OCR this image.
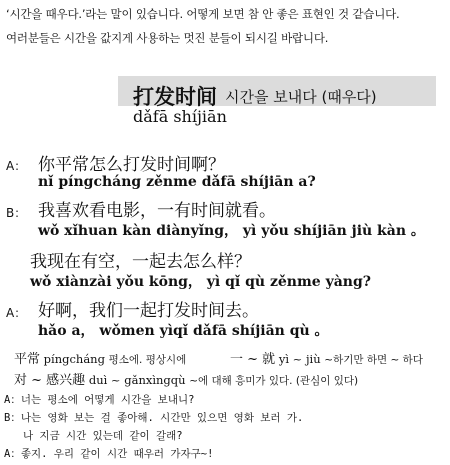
‘시간을 때우다.’라는 말이 있습니다. 어떻게 보면 참 안 좋은 표현인 것 같습니다.
여러분들은 시간을 값지게 사용하는 멋진 분들이 되시길 바랍니다.
打发时间 시간을 보내다 (때우다)
dǎfā shíjiān
A： 你平常怎么打发时间啊？
nǐ píngcháng zěnme dǎfā shíjiān a?
B： 我喜欢看电影，一有时间就看。
wǒ xǐhuan kàn diànyǐng， yì yǒu shíjiān jiù kàn 。
我现在有空，一起去怎么样？
wǒ xiànzài yǒu kōng， yì qǐ qù zěnme yàng?
A： 好啊，我们一起打发时间去。
hǎo a， wǒmen yìqǐ dǎfā shíjiān qù 。
平常 píngcháng 평소에. 평상시에	一 ~ 就 yì ~ jiù ~하기만 하면 ~ 하다
对 ~ 感兴趣 duì ~ gǎnxìngqù ~에 대해 흥미가 있다. (관심이 있다)
A：너는 평소에 어떻게 시간을 보내니?
B：나는 영화 보는 걸 좋아해. 시간만 있으면 영화 보러 가.
나 지금 시간 있는데 같이 갈래?
A：좋지. 우리 같이 시간 때우러 가자구~!
